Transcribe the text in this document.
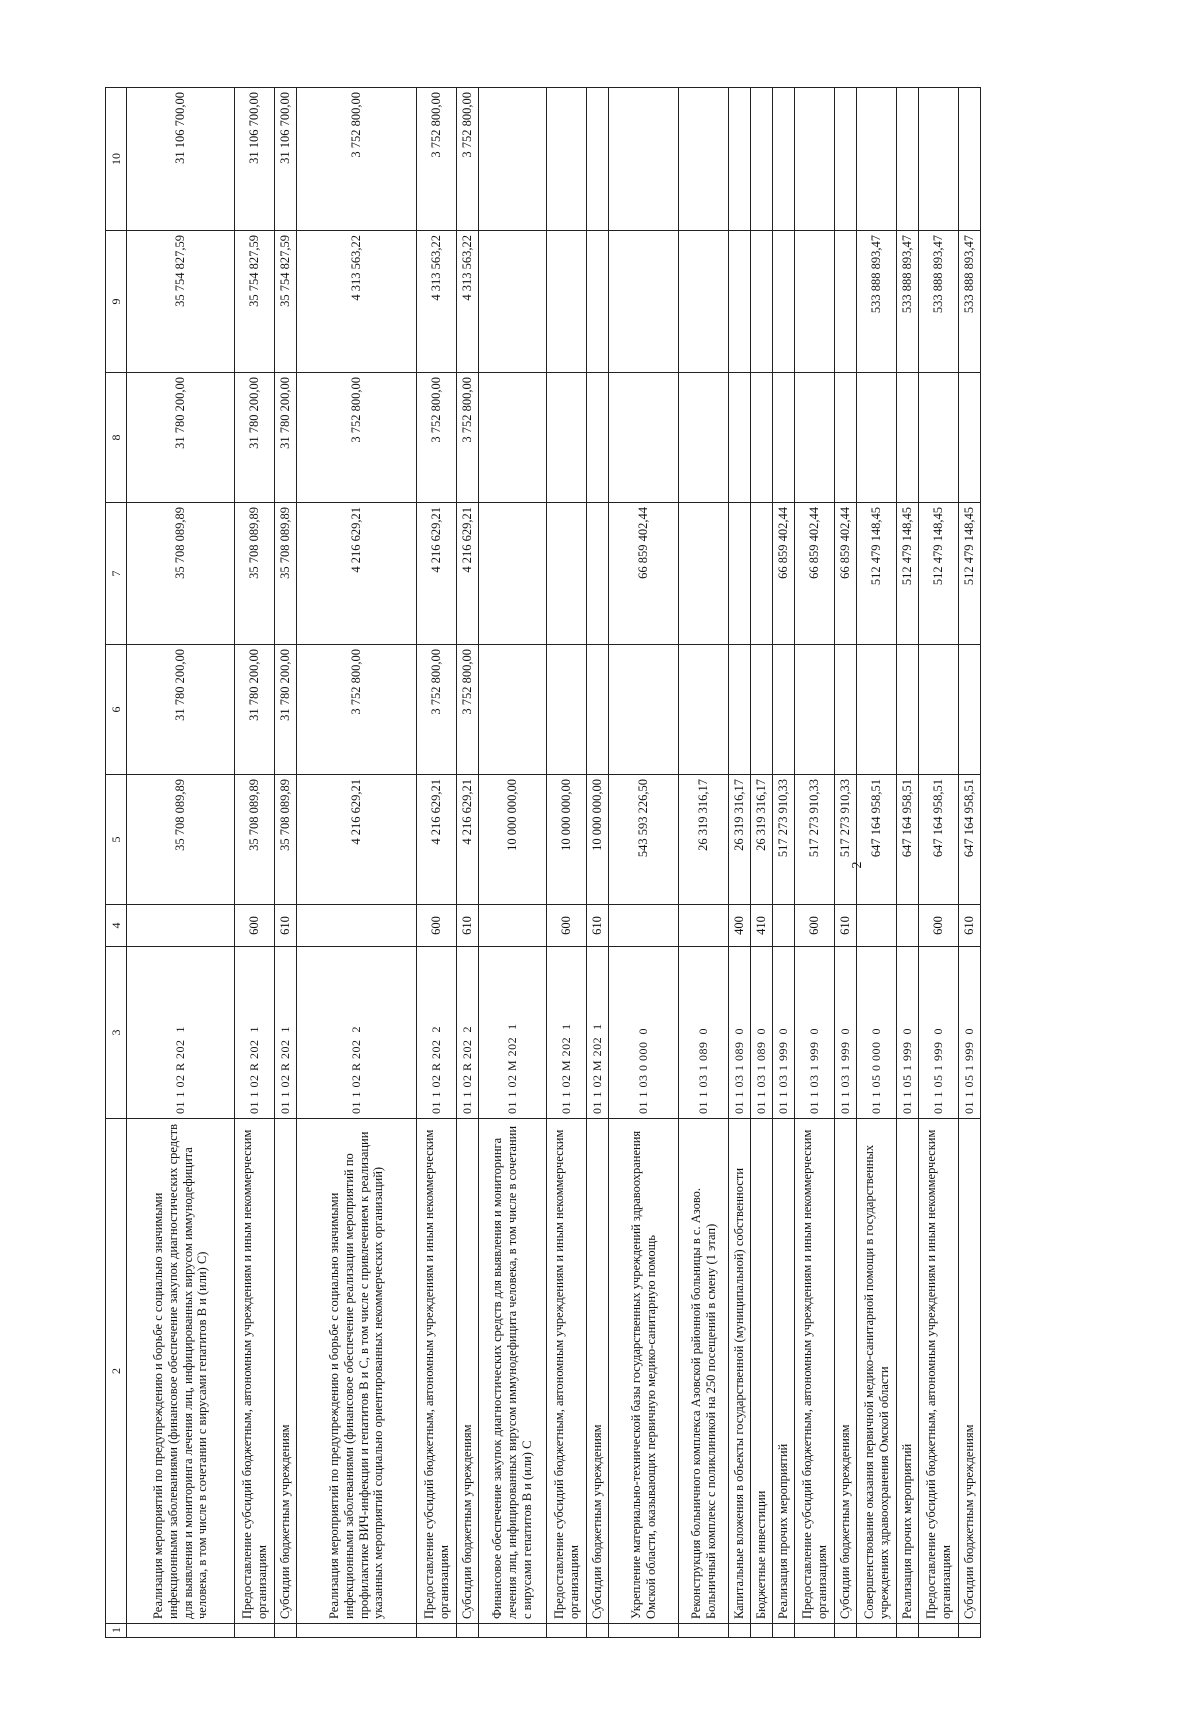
2
1	2	3	4	5	6	7	8	9	10
	Реализация мероприятий по предупреждению и борьбе с социально значимыми инфекционными заболеваниями (финансовое обеспечение закупок диагностических средств для выявления и мониторинга лечения лиц, инфицированных вирусом иммунодефицита человека, в том числе в сочетании с вирусами гепатитов В и (или) С)	01 1 02 R 202  1		35 708 089,89	31 780 200,00	35 708 089,89	31 780 200,00	35 754 827,59	31 106 700,00
	Предоставление субсидий бюджетным, автономным учреждениям и иным некоммерческим организациям	01 1 02 R 202  1	600	35 708 089,89	31 780 200,00	35 708 089,89	31 780 200,00	35 754 827,59	31 106 700,00
	Субсидии бюджетным учреждениям	01 1 02 R 202  1	610	35 708 089,89	31 780 200,00	35 708 089,89	31 780 200,00	35 754 827,59	31 106 700,00
	Реализация мероприятий по предупреждению и борьбе с социально значимыми инфекционными заболеваниями (финансовое обеспечение реализации мероприятий по профилактике ВИЧ-инфекции и гепатитов В и С, в том числе с привлечением к реализации указанных мероприятий социально ориентированных некоммерческих организаций)	01 1 02 R 202  2		4 216 629,21	3 752 800,00	4 216 629,21	3 752 800,00	4 313 563,22	3 752 800,00
	Предоставление субсидий бюджетным, автономным учреждениям и иным некоммерческим организациям	01 1 02 R 202  2	600	4 216 629,21	3 752 800,00	4 216 629,21	3 752 800,00	4 313 563,22	3 752 800,00
	Субсидии бюджетным учреждениям	01 1 02 R 202  2	610	4 216 629,21	3 752 800,00	4 216 629,21	3 752 800,00	4 313 563,22	3 752 800,00
	Финансовое обеспечение закупок диагностических средств для выявления и мониторинга лечения лиц, инфицированных вирусом иммунодефицита человека, в том числе в сочетании с вирусами гепатитов В и (или) С	01 1 02 M 202  1		10 000 000,00					
	Предоставление субсидий бюджетным, автономным учреждениям и иным некоммерческим организациям	01 1 02 M 202  1	600	10 000 000,00					
	Субсидии бюджетным учреждениям	01 1 02 M 202  1	610	10 000 000,00					
	Укрепление материально-технической базы государственных учреждений здравоохранения Омской области, оказывающих первичную медико-санитарную помощь	01 1 03 0 000  0		543 593 226,50		66 859 402,44			
	Реконструкция больничного комплекса Азовской районной больницы в с. Азово. Больничный комплекс с поликлиникой на 250 посещений в смену (1 этап)	01 1 03 1 089  0		26 319 316,17					
	Капитальные вложения в объекты государственной (муниципальной) собственности	01 1 03 1 089  0	400	26 319 316,17					
	Бюджетные инвестиции	01 1 03 1 089  0	410	26 319 316,17					
	Реализация прочих мероприятий	01 1 03 1 999  0		517 273 910,33		66 859 402,44			
	Предоставление субсидий бюджетным, автономным учреждениям и иным некоммерческим организациям	01 1 03 1 999  0	600	517 273 910,33		66 859 402,44			
	Субсидии бюджетным учреждениям	01 1 03 1 999  0	610	517 273 910,33		66 859 402,44			
	Совершенствование оказания первичной медико-санитарной помощи в государственных учреждениях здравоохранения Омской области	01 1 05 0 000  0		647 164 958,51		512 479 148,45		533 888 893,47	
	Реализация прочих мероприятий	01 1 05 1 999  0		647 164 958,51		512 479 148,45		533 888 893,47	
	Предоставление субсидий бюджетным, автономным учреждениям и иным некоммерческим организациям	01 1 05 1 999  0	600	647 164 958,51		512 479 148,45		533 888 893,47	
	Субсидии бюджетным учреждениям	01 1 05 1 999  0	610	647 164 958,51		512 479 148,45		533 888 893,47	
